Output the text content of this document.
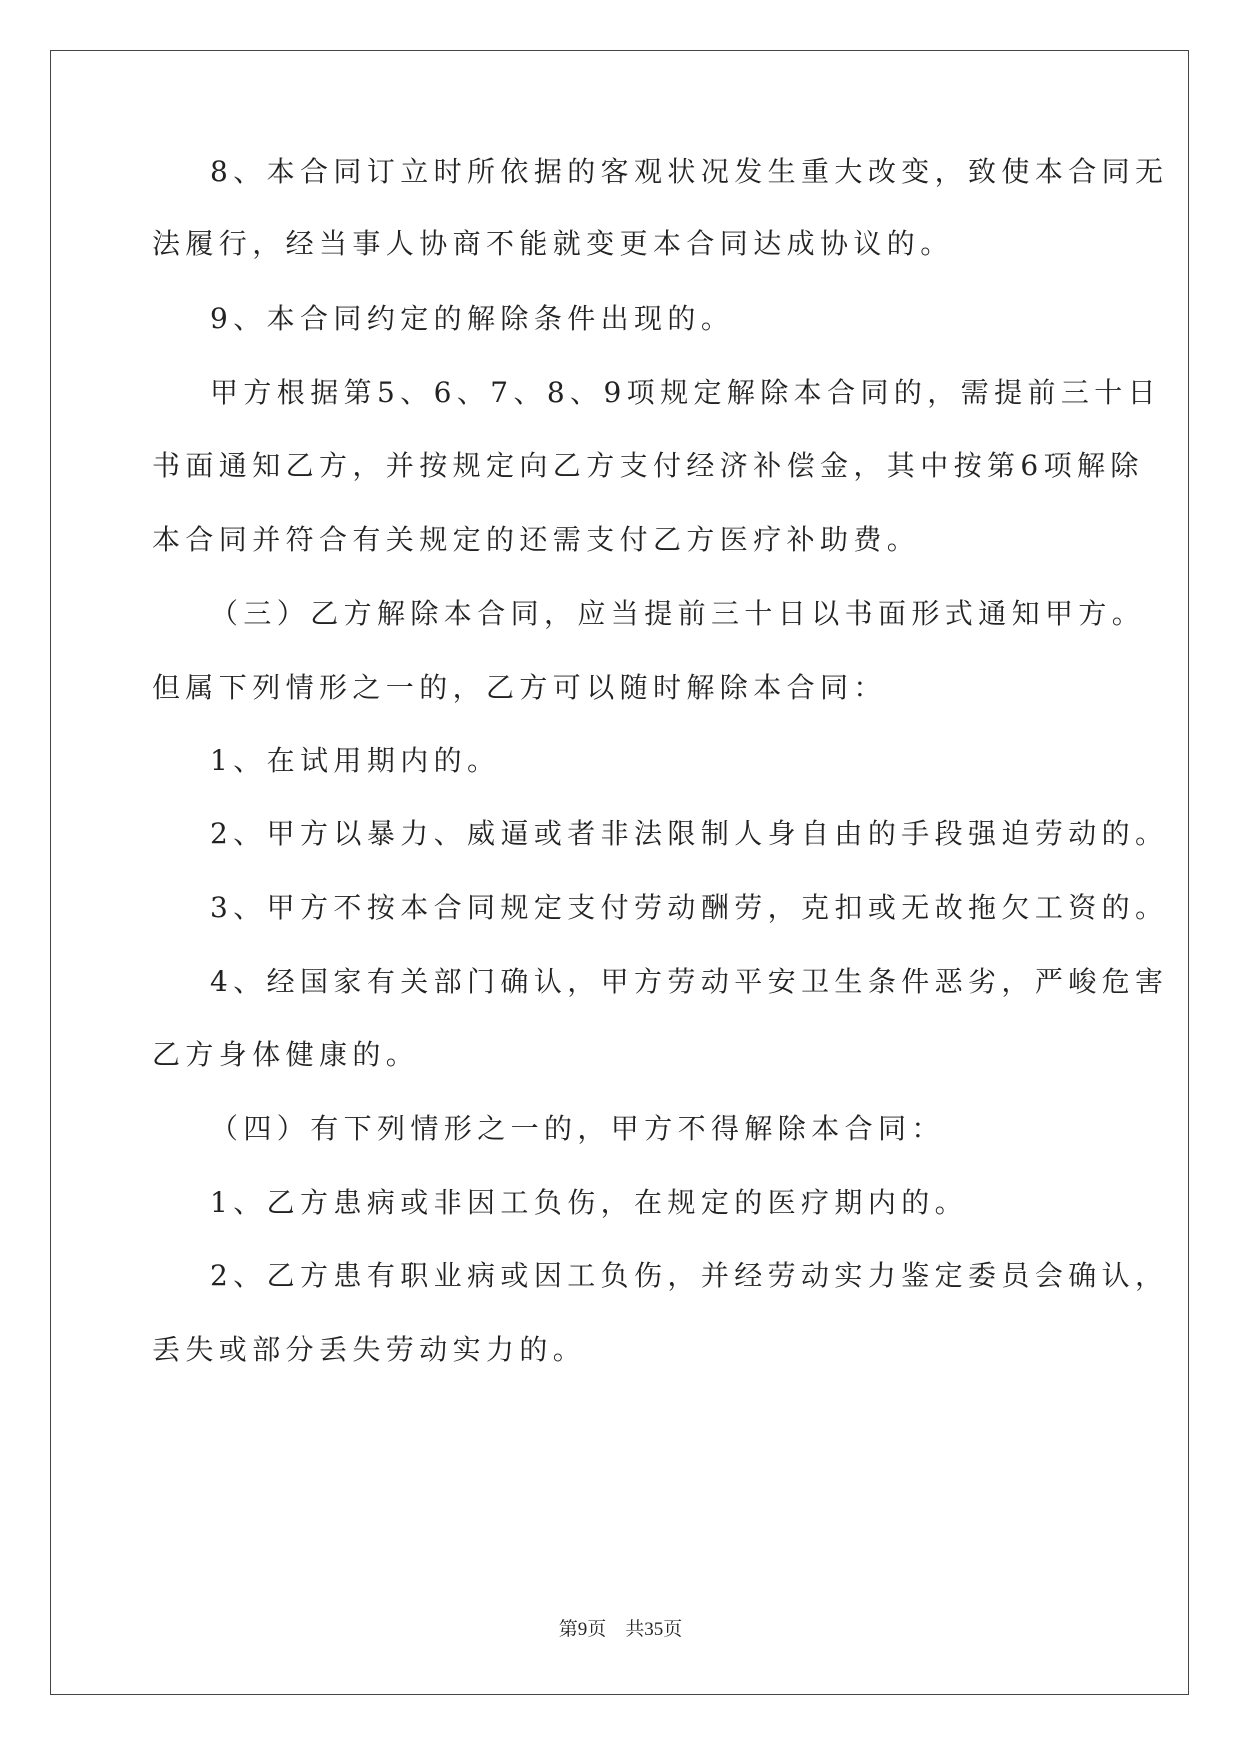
8、本合同订立时所依据的客观状况发生重大改变，致使本合同无
法履行，经当事人协商不能就变更本合同达成协议的。
9、本合同约定的解除条件出现的。
甲方根据第5、6、7、8、9项规定解除本合同的，需提前三十日
书面通知乙方，并按规定向乙方支付经济补偿金，其中按第6项解除
本合同并符合有关规定的还需支付乙方医疗补助费。
（三）乙方解除本合同，应当提前三十日以书面形式通知甲方。
但属下列情形之一的，乙方可以随时解除本合同：
1、在试用期内的。
2、甲方以暴力、威逼或者非法限制人身自由的手段强迫劳动的。
3、甲方不按本合同规定支付劳动酬劳，克扣或无故拖欠工资的。
4、经国家有关部门确认，甲方劳动平安卫生条件恶劣，严峻危害
乙方身体健康的。
（四）有下列情形之一的，甲方不得解除本合同：
1、乙方患病或非因工负伤，在规定的医疗期内的。
2、乙方患有职业病或因工负伤，并经劳动实力鉴定委员会确认，
丢失或部分丢失劳动实力的。
第9页　共35页
